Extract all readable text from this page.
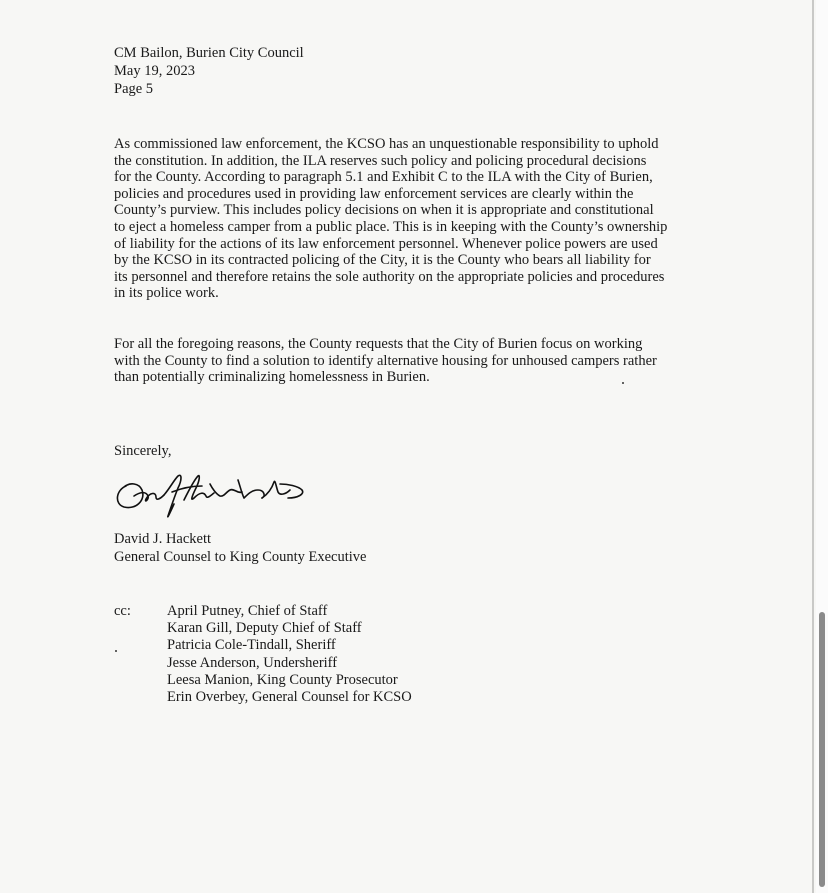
CM Bailon, Burien City Council
May 19, 2023
Page 5

As commissioned law enforcement, the KCSO has an unquestionable responsibility to uphold
the constitution. In addition, the ILA reserves such policy and policing procedural decisions
for the County. According to paragraph 5.1 and Exhibit C to the ILA with the City of Burien,
policies and procedures used in providing law enforcement services are clearly within the
County’s purview. This includes policy decisions on when it is appropriate and constitutional
to eject a homeless camper from a public place. This is in keeping with the County’s ownership
of liability for the actions of its law enforcement personnel. Whenever police powers are used
by the KCSO in its contracted policing of the City, it is the County who bears all liability for
its personnel and therefore retains the sole authority on the appropriate policies and procedures
in its police work.

For all the foregoing reasons, the County requests that the City of Burien focus on working
with the County to find a solution to identify alternative housing for unhoused campers rather
than potentially criminalizing homelessness in Burien.

Sincerely,
David J. Hackett
General Counsel to King County Executive
cc: April Putney, Chief of Staff
Karan Gill, Deputy Chief of Staff
Patricia Cole-Tindall, Sheriff
Jesse Anderson, Undersheriff
Leesa Manion, King County Prosecutor
Erin Overbey, General Counsel for KCSO
